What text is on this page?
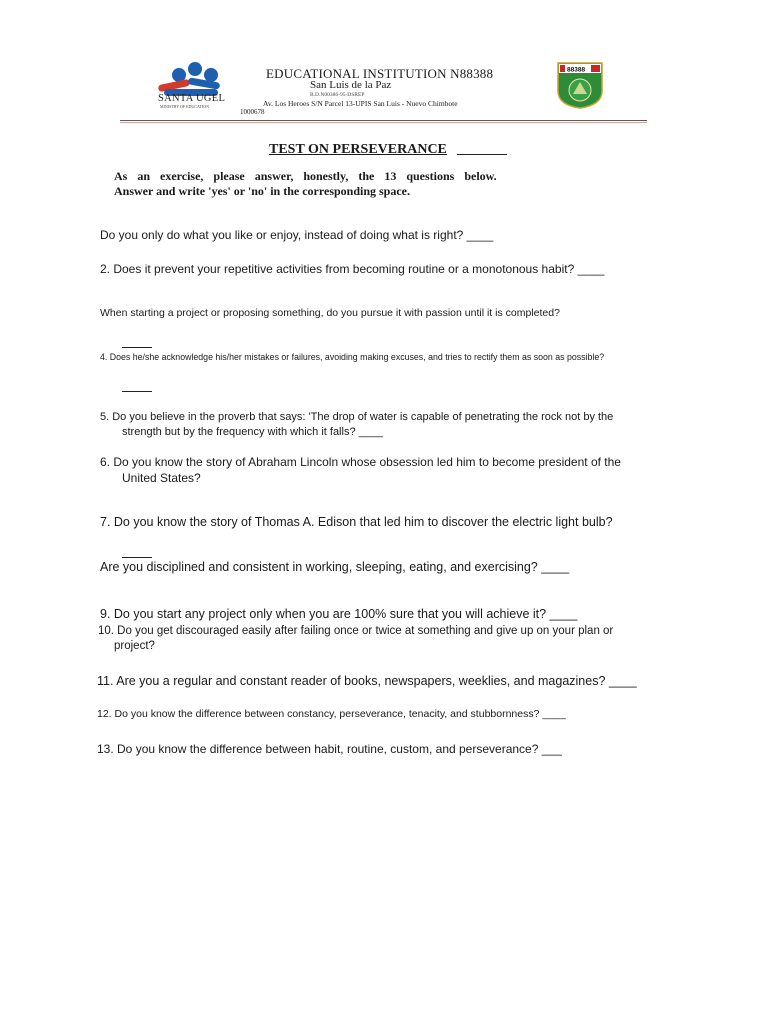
SANTA UGEL
MINISTRY OF EDUCATION
EDUCATIONAL INSTITUTION N88388
San Luis de la Paz
R.D.N00386-95-DSREP
Av. Los Heroes S/N Parcel 13-UPIS San Luis - Nuevo Chimbote
1000678
88388
TEST ON PERSEVERANCE
As an exercise, please answer, honestly, the 13 questions below.
Answer and write 'yes' or 'no' in the corresponding space.
Do you only do what you like or enjoy, instead of doing what is right? ____
2. Does it prevent your repetitive activities from becoming routine or a monotonous habit? ____
When starting a project or proposing something, do you pursue it with passion until it is completed?
4. Does he/she acknowledge his/her mistakes or failures, avoiding making excuses, and tries to rectify them as soon as possible?
5. Do you believe in the proverb that says: 'The drop of water is capable of penetrating the rock not by the
strength but by the frequency with which it falls? ____
6. Do you know the story of Abraham Lincoln whose obsession led him to become president of the
United States?
7. Do you know the story of Thomas A. Edison that led him to discover the electric light bulb?
Are you disciplined and consistent in working, sleeping, eating, and exercising? ____
9. Do you start any project only when you are 100% sure that you will achieve it? ____
10. Do you get discouraged easily after failing once or twice at something and give up on your plan or
project?
11. Are you a regular and constant reader of books, newspapers, weeklies, and magazines? ____
12. Do you know the difference between constancy, perseverance, tenacity, and stubbornness? ____
13. Do you know the difference between habit, routine, custom, and perseverance? ___
